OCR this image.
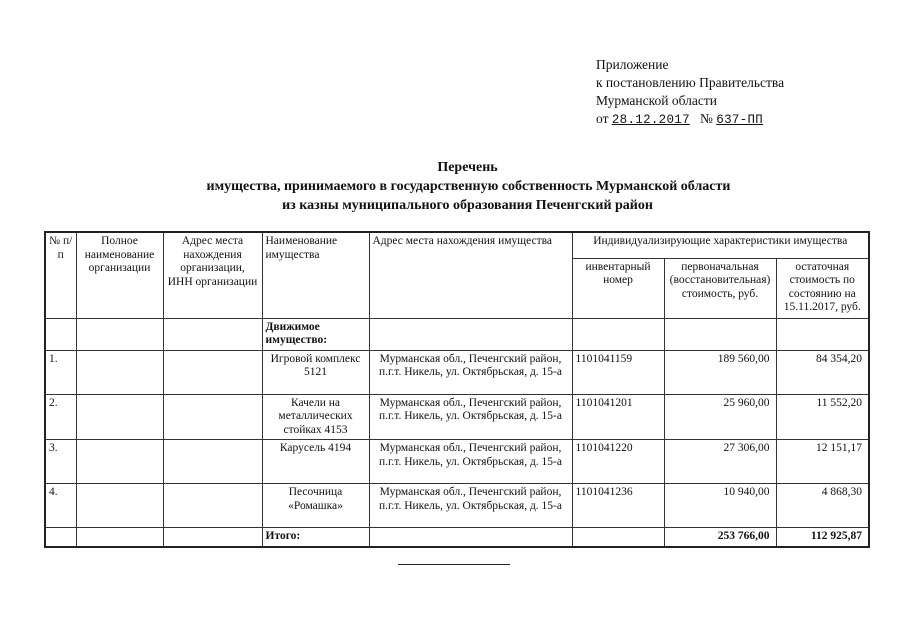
Приложение
к постановлению Правительства
Мурманской области
от 28.12.2017 № 637-ПП
Перечень
имущества, принимаемого в государственную собственность Мурманской области
из казны муниципального образования Печенгский район
№ п/п	Полное наименование организации	Адрес места нахождения организации, ИНН организации	Наименование имущества	Адрес места нахождения имущества	Индивидуализирующие характеристики имущества		
					инвентарный номер	первоначальная (восстановительная) стоимость, руб.	остаточная стоимость по состоянию на 15.11.2017, руб.
			Движимое имущество:				
1.			Игровой комплекс 5121	Мурманская обл., Печенгский район, п.г.т. Никель, ул. Октябрьская, д. 15-а	1101041159	189 560,00	84 354,20
2.			Качели на металлических стойках 4153	Мурманская обл., Печенгский район, п.г.т. Никель, ул. Октябрьская, д. 15-а	1101041201	25 960,00	11 552,20
3.			Карусель 4194	Мурманская обл., Печенгский район, п.г.т. Никель, ул. Октябрьская, д. 15-а	1101041220	27 306,00	12 151,17
4.			Песочница «Ромашка»	Мурманская обл., Печенгский район, п.г.т. Никель, ул. Октябрьская, д. 15-а	1101041236	10 940,00	4 868,30
			Итого:			253 766,00	112 925,87
